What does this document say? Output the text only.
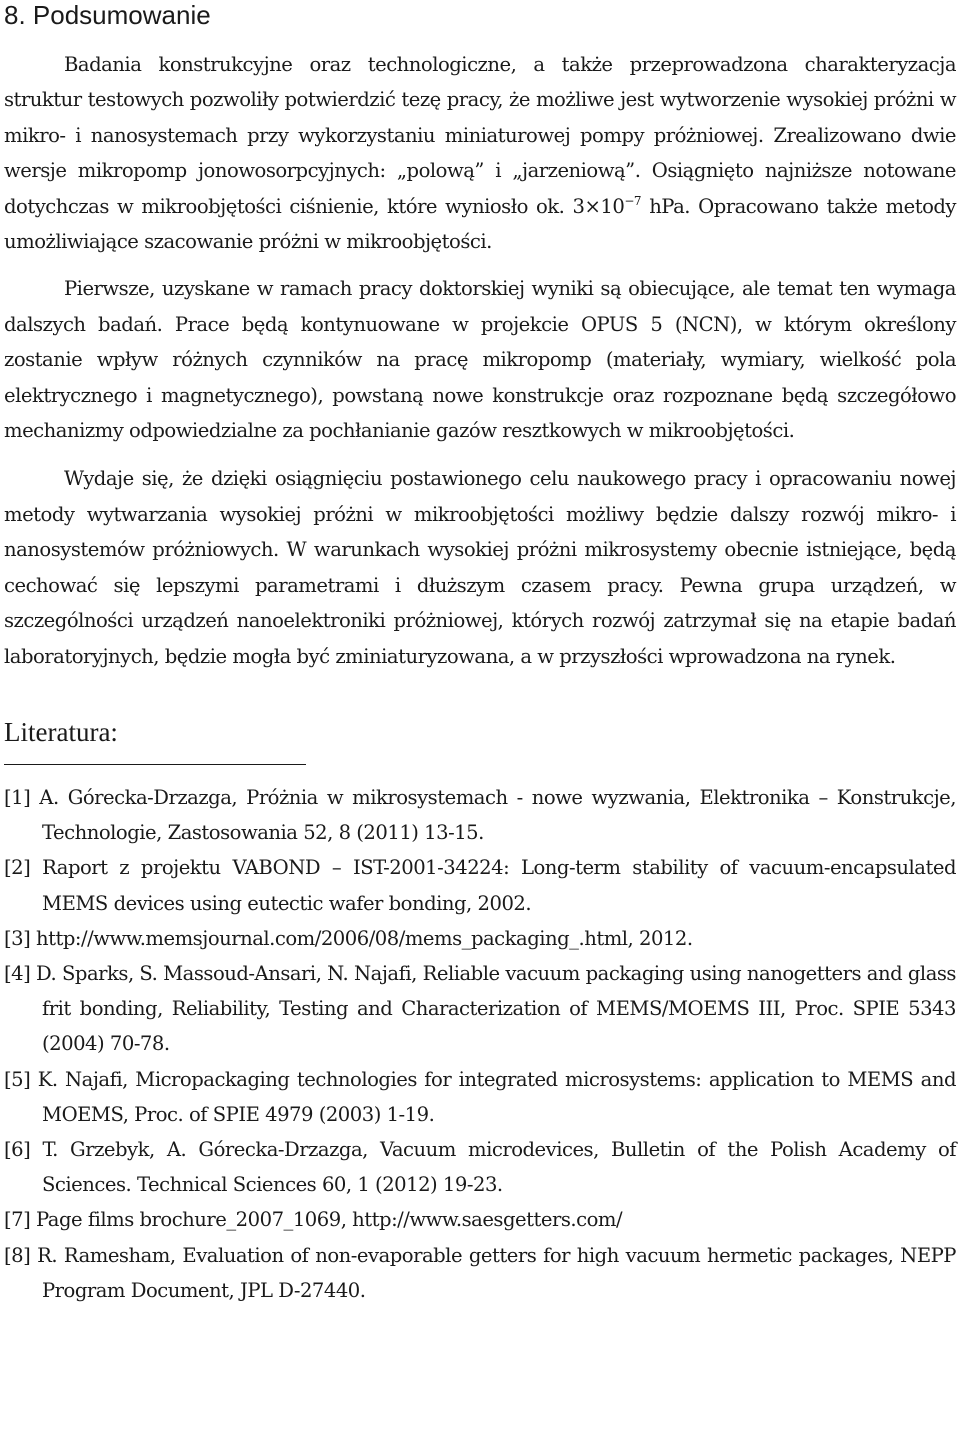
8. Podsumowanie

Badania konstrukcyjne oraz technologiczne, a także przeprowadzona charakteryzacja struktur testowych pozwoliły potwierdzić tezę pracy, że możliwe jest wytworzenie wysokiej próżni w mikro- i nanosystemach przy wykorzystaniu miniaturowej pompy próżniowej. Zrealizowano dwie wersje mikropomp jonowosorpcyjnych: „polową” i „jarzeniową”. Osiągnięto najniższe notowane dotychczas w mikroobjętości ciśnienie, które wyniosło ok. $3\times 10^{-7}$ hPa. Opracowano także metody umożliwiające szacowanie próżni w mikroobjętości.

Pierwsze, uzyskane w ramach pracy doktorskiej wyniki są obiecujące, ale temat ten wymaga dalszych badań. Prace będą kontynuowane w projekcie OPUS 5 (NCN), w którym określony zostanie wpływ różnych czynników na pracę mikropomp (materiały, wymiary, wielkość pola elektrycznego i magnetycznego), powstaną nowe konstrukcje oraz rozpoznane będą szczegółowo mechanizmy odpowiedzialne za pochłanianie gazów resztkowych w mikroobjętości.

Wydaje się, że dzięki osiągnięciu postawionego celu naukowego pracy i opracowaniu nowej metody wytwarzania wysokiej próżni w mikroobjętości możliwy będzie dalszy rozwój mikro- i nanosystemów próżniowych. W warunkach wysokiej próżni mikrosystemy obecnie istniejące, będą cechować się lepszymi parametrami i dłuższym czasem pracy. Pewna grupa urządzeń, w szczególności urządzeń nanoelektroniki próżniowej, których rozwój zatrzymał się na etapie badań laboratoryjnych, będzie mogła być zminiaturyzowana, a w przyszłości wprowadzona na rynek.

Literatura:
[1] A. Górecka-Drzazga, Próżnia w mikrosystemach - nowe wyzwania, Elektronika – Konstrukcje, Technologie, Zastosowania 52, 8 (2011) 13-15.
[2] Raport z projektu VABOND – IST-2001-34224: Long-term stability of vacuum-encapsulated MEMS devices using eutectic wafer bonding, 2002.
[3] http://www.memsjournal.com/2006/08/mems_packaging_.html, 2012.
[4] D. Sparks, S. Massoud-Ansari, N. Najafi, Reliable vacuum packaging using nanogetters and glass frit bonding, Reliability, Testing and Characterization of MEMS/MOEMS III, Proc. SPIE 5343 (2004) 70-78.
[5] K. Najafi, Micropackaging technologies for integrated microsystems: application to MEMS and MOEMS, Proc. of SPIE 4979 (2003) 1-19.
[6] T. Grzebyk, A. Górecka-Drzazga, Vacuum microdevices, Bulletin of the Polish Academy of Sciences. Technical Sciences 60, 1 (2012) 19-23.
[7] Page films brochure_2007_1069, http://www.saesgetters.com/
[8] R. Ramesham, Evaluation of non-evaporable getters for high vacuum hermetic packages, NEPP Program Document, JPL D-27440.
